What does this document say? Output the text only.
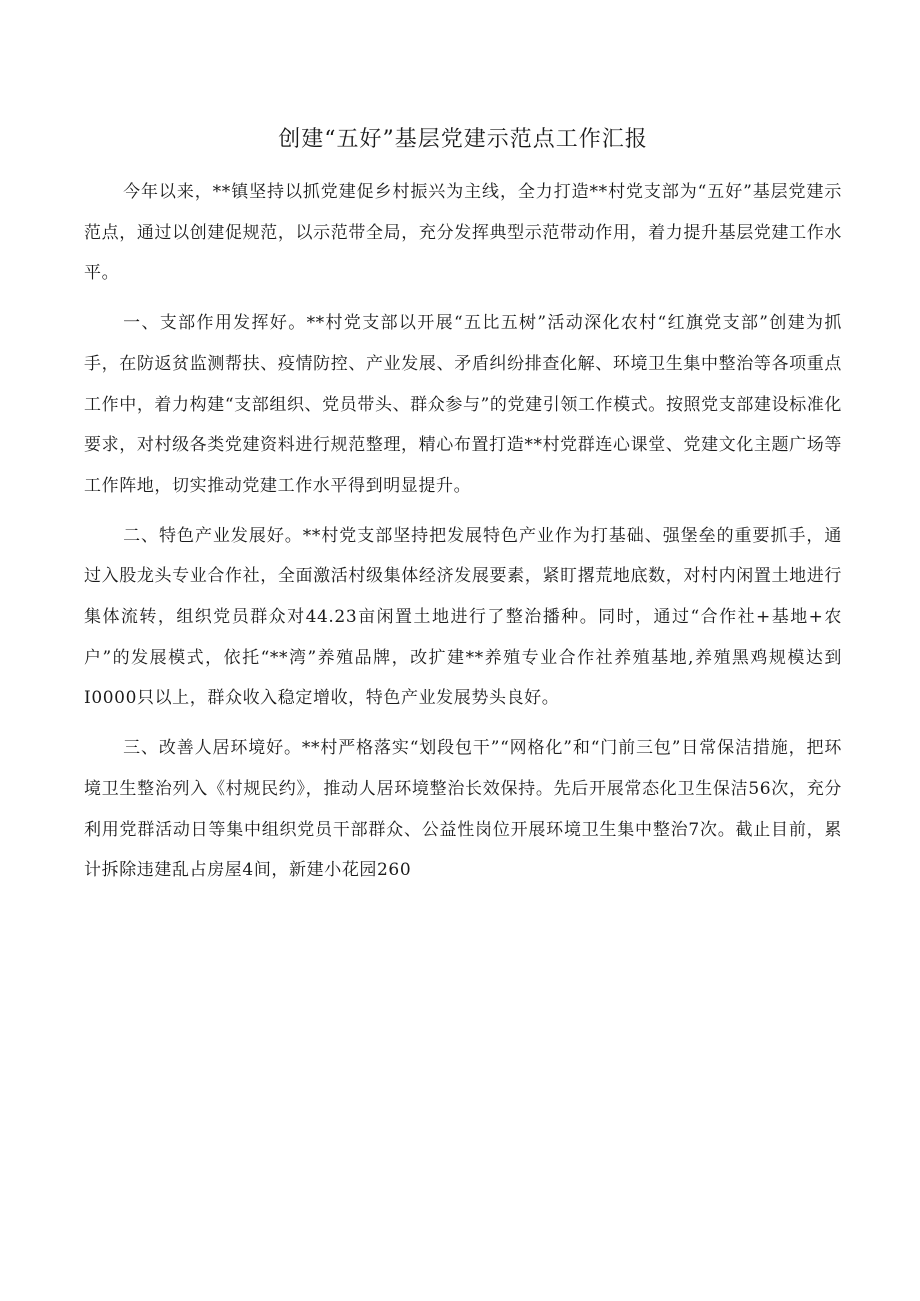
创建“五好”基层党建示范点工作汇报

今年以来，**镇坚持以抓党建促乡村振兴为主线，全力打造**村党支部为“五好”基层党建示范点，通过以创建促规范，以示范带全局，充分发挥典型示范带动作用，着力提升基层党建工作水平。

一、支部作用发挥好。**村党支部以开展“五比五树”活动深化农村“红旗党支部”创建为抓手，在防返贫监测帮扶、疫情防控、产业发展、矛盾纠纷排查化解、环境卫生集中整治等各项重点工作中，着力构建“支部组织、党员带头、群众参与”的党建引领工作模式。按照党支部建设标准化要求，对村级各类党建资料进行规范整理，精心布置打造**村党群连心课堂、党建文化主题广场等工作阵地，切实推动党建工作水平得到明显提升。

二、特色产业发展好。**村党支部坚持把发展特色产业作为打基础、强堡垒的重要抓手，通过入股龙头专业合作社，全面激活村级集体经济发展要素，紧盯撂荒地底数，对村内闲置土地进行集体流转，组织党员群众对44.23亩闲置土地进行了整治播种。同时，通过“合作社+基地+农户”的发展模式，依托“**湾”养殖品牌，改扩建**养殖专业合作社养殖基地,养殖黑鸡规模达到I0000只以上，群众收入稳定增收，特色产业发展势头良好。

三、改善人居环境好。**村严格落实“划段包干”“网格化”和“门前三包”日常保洁措施，把环境卫生整治列入《村规民约》，推动人居环境整治长效保持。先后开展常态化卫生保洁56次，充分利用党群活动日等集中组织党员干部群众、公益性岗位开展环境卫生集中整治7次。截止目前，累计拆除违建乱占房屋4间，新建小花园260
